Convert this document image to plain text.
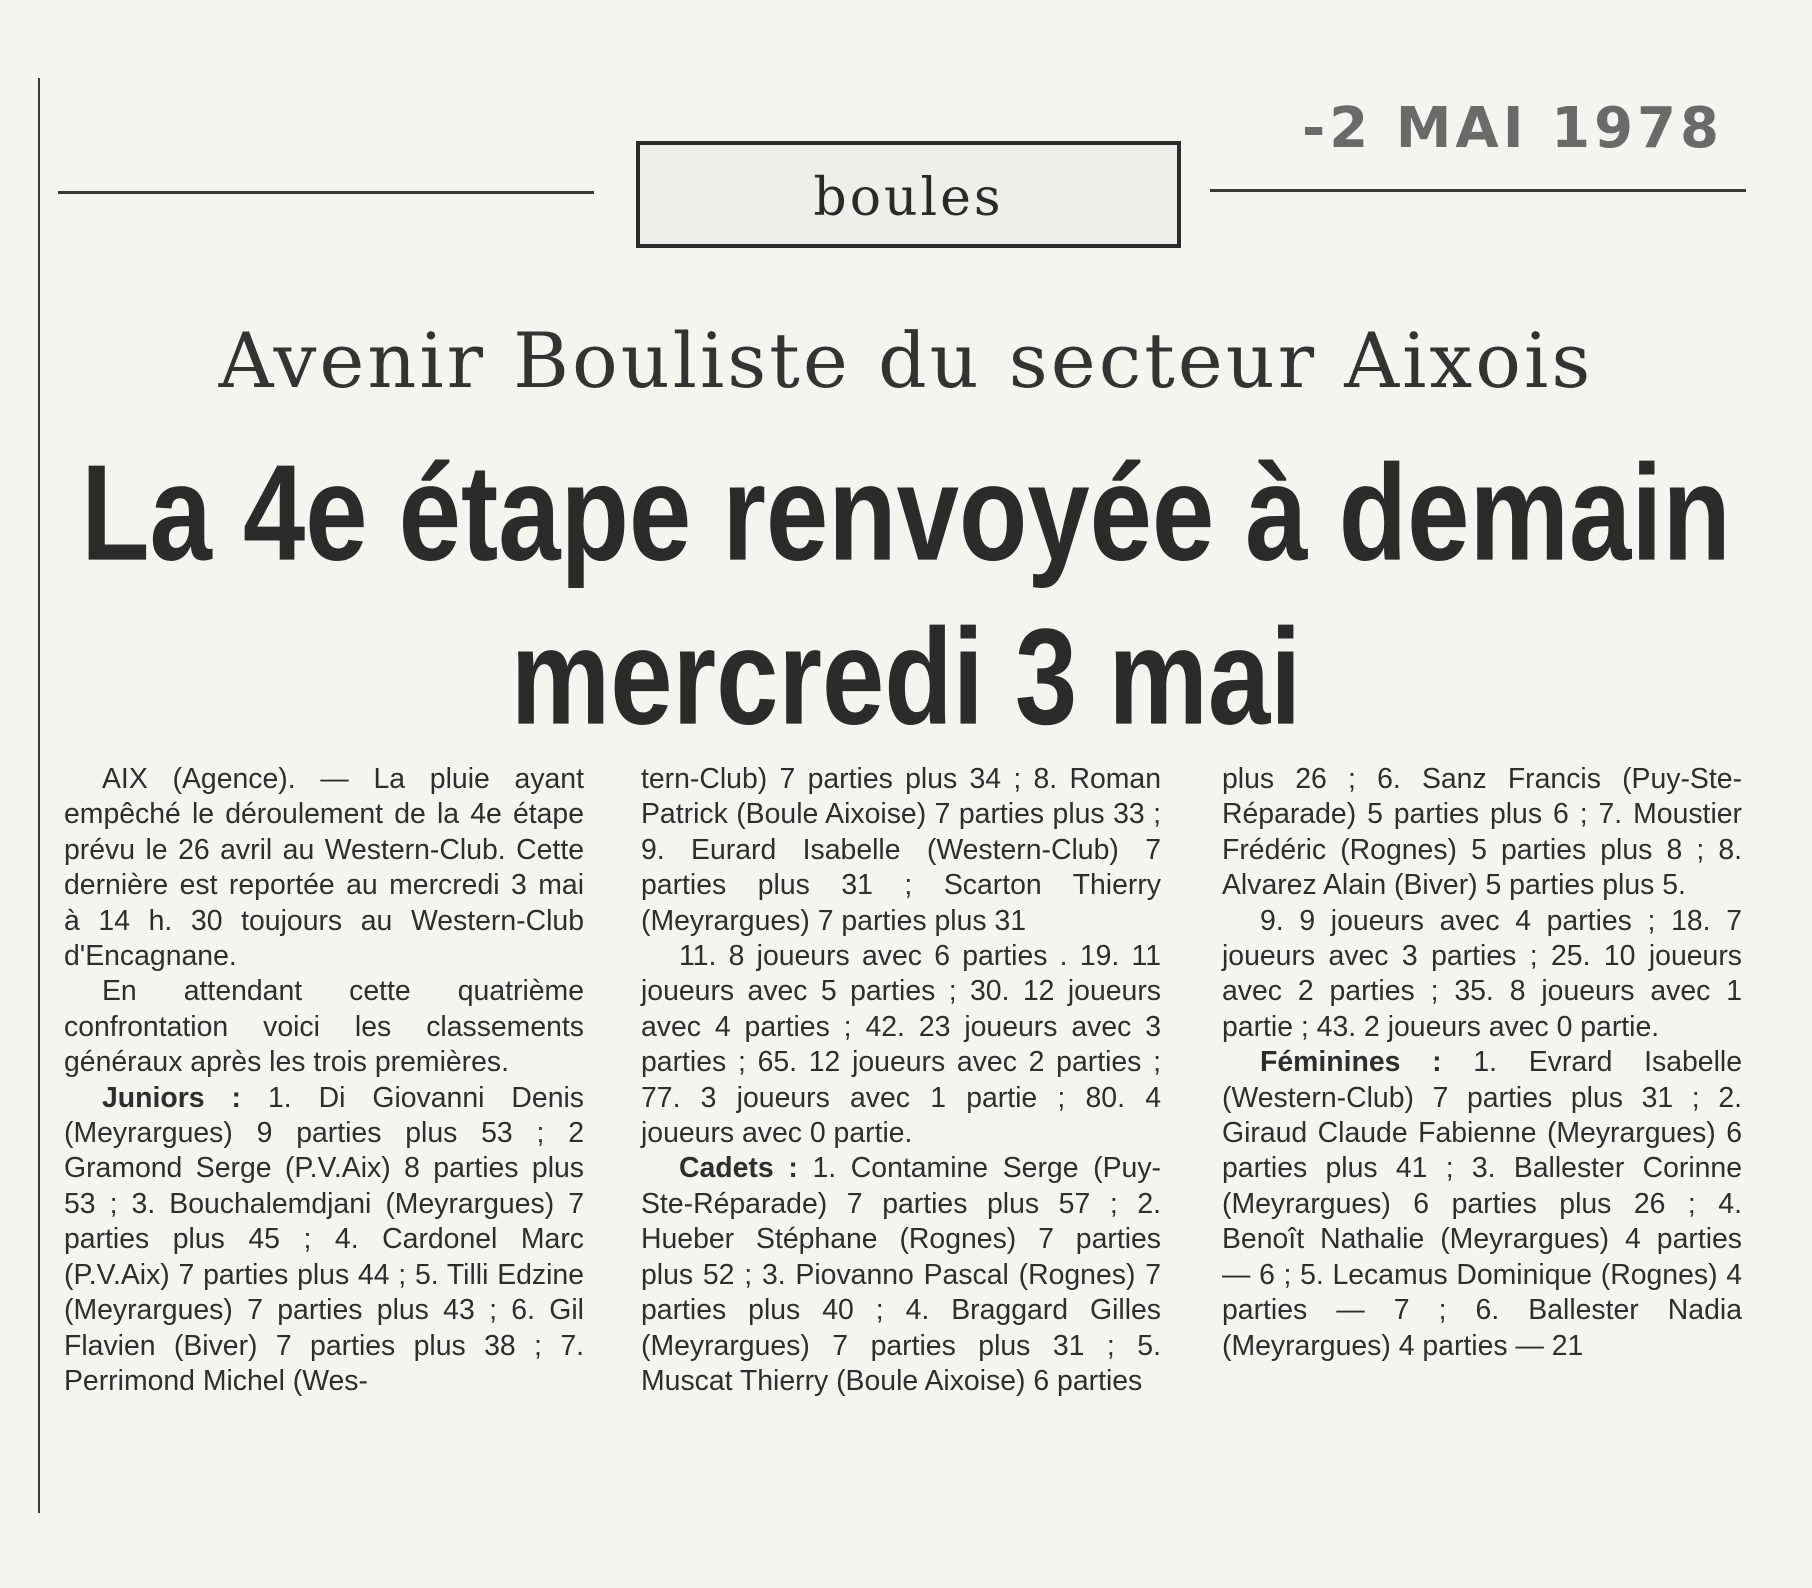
-2 MAI 1978
boules
Avenir Bouliste du secteur Aixois
La 4e étape renvoyée à demain
mercredi 3 mai

AIX (Agence). — La pluie ayant empêché le déroulement de la 4e étape prévu le 26 avril au Western-Club. Cette dernière est reportée au mercredi 3 mai à 14 h. 30 toujours au Western-Club d'Encagnane.

En attendant cette quatrième confrontation voici les classements généraux après les trois premières.

Juniors : 1. Di Giovanni Denis (Meyrargues) 9 parties plus 53 ; 2 Gramond Serge (P.V.Aix) 8 parties plus 53 ; 3. Bouchalemdjani (Meyrargues) 7 parties plus 45 ; 4. Cardonel Marc (P.V.Aix) 7 parties plus 44 ; 5. Tilli Edzine (Meyrargues) 7 parties plus 43 ; 6. Gil Flavien (Biver) 7 parties plus 38 ; 7. Perrimond Michel (Wes-

tern-Club) 7 parties plus 34 ; 8. Roman Patrick (Boule Aixoise) 7 parties plus 33 ; 9. Eurard Isabelle (Western-Club) 7 parties plus 31 ; Scarton Thierry (Meyrargues) 7 parties plus 31

11. 8 joueurs avec 6 parties . 19. 11 joueurs avec 5 parties ; 30. 12 joueurs avec 4 parties ; 42. 23 joueurs avec 3 parties ; 65. 12 joueurs avec 2 parties ; 77. 3 joueurs avec 1 partie ; 80. 4 joueurs avec 0 partie.

Cadets : 1. Contamine Serge (Puy-Ste-Réparade) 7 parties plus 57 ; 2. Hueber Stéphane (Rognes) 7 parties plus 52 ; 3. Piovanno Pascal (Rognes) 7 parties plus 40 ; 4. Braggard Gilles (Meyrargues) 7 parties plus 31 ; 5. Muscat Thierry (Boule Aixoise) 6 parties

plus 26 ; 6. Sanz Francis (Puy-Ste-Réparade) 5 parties plus 6 ; 7. Moustier Frédéric (Rognes) 5 parties plus 8 ; 8. Alvarez Alain (Biver) 5 parties plus 5.

9. 9 joueurs avec 4 parties ; 18. 7 joueurs avec 3 parties ; 25. 10 joueurs avec 2 parties ; 35. 8 joueurs avec 1 partie ; 43. 2 joueurs avec 0 partie.

Féminines : 1. Evrard Isabelle (Western-Club) 7 parties plus 31 ; 2. Giraud Claude Fabienne (Meyrargues) 6 parties plus 41 ; 3. Ballester Corinne (Meyrargues) 6 parties plus 26 ; 4. Benoît Nathalie (Meyrargues) 4 parties — 6 ; 5. Lecamus Dominique (Rognes) 4 parties — 7 ; 6. Ballester Nadia (Meyrargues) 4 parties — 21
